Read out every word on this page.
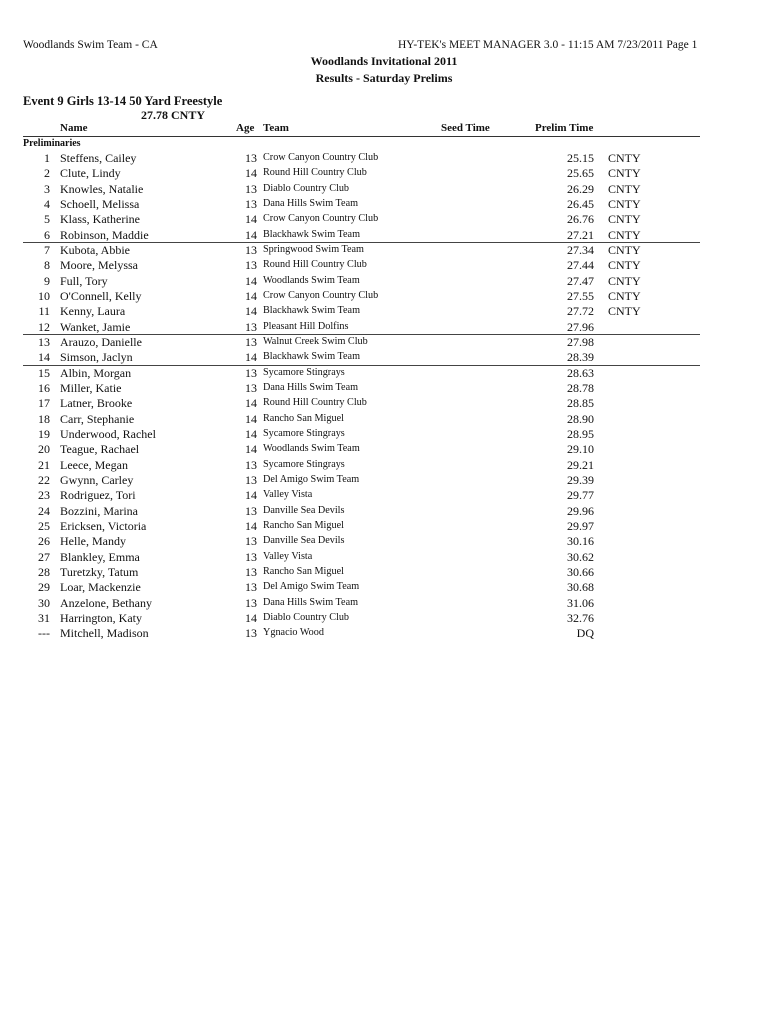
Woodlands Swim Team - CA	HY-TEK's MEET MANAGER 3.0 - 11:15 AM 7/23/2011 Page 1
Woodlands Invitational 2011
Results - Saturday Prelims
Event 9 Girls 13-14 50 Yard Freestyle
27.78 CNTY
Name	Age Team	Seed Time	Prelim Time
Preliminaries
1 Steffens, Cailey	13 Crow Canyon Country Club	25.15 CNTY
2 Clute, Lindy	14 Round Hill Country Club	25.65 CNTY
3 Knowles, Natalie	13 Diablo Country Club	26.29 CNTY
4 Schoell, Melissa	13 Dana Hills Swim Team	26.45 CNTY
5 Klass, Katherine	14 Crow Canyon Country Club	26.76 CNTY
6 Robinson, Maddie	14 Blackhawk Swim Team	27.21 CNTY
7 Kubota, Abbie	13 Springwood Swim Team	27.34 CNTY
8 Moore, Melyssa	13 Round Hill Country Club	27.44 CNTY
9 Full, Tory	14 Woodlands Swim Team	27.47 CNTY
10 O'Connell, Kelly	14 Crow Canyon Country Club	27.55 CNTY
11 Kenny, Laura	14 Blackhawk Swim Team	27.72 CNTY
12 Wanket, Jamie	13 Pleasant Hill Dolfins	27.96
13 Arauzo, Danielle	13 Walnut Creek Swim Club	27.98
14 Simson, Jaclyn	14 Blackhawk Swim Team	28.39
15 Albin, Morgan	13 Sycamore Stingrays	28.63
16 Miller, Katie	13 Dana Hills Swim Team	28.78
17 Latner, Brooke	14 Round Hill Country Club	28.85
18 Carr, Stephanie	14 Rancho San Miguel	28.90
19 Underwood, Rachel	14 Sycamore Stingrays	28.95
20 Teague, Rachael	14 Woodlands Swim Team	29.10
21 Leece, Megan	13 Sycamore Stingrays	29.21
22 Gwynn, Carley	13 Del Amigo Swim Team	29.39
23 Rodriguez, Tori	14 Valley Vista	29.77
24 Bozzini, Marina	13 Danville Sea Devils	29.96
25 Ericksen, Victoria	14 Rancho San Miguel	29.97
26 Helle, Mandy	13 Danville Sea Devils	30.16
27 Blankley, Emma	13 Valley Vista	30.62
28 Turetzky, Tatum	13 Rancho San Miguel	30.66
29 Loar, Mackenzie	13 Del Amigo Swim Team	30.68
30 Anzelone, Bethany	13 Dana Hills Swim Team	31.06
31 Harrington, Katy	14 Diablo Country Club	32.76
--- Mitchell, Madison	13 Ygnacio Wood	DQ
